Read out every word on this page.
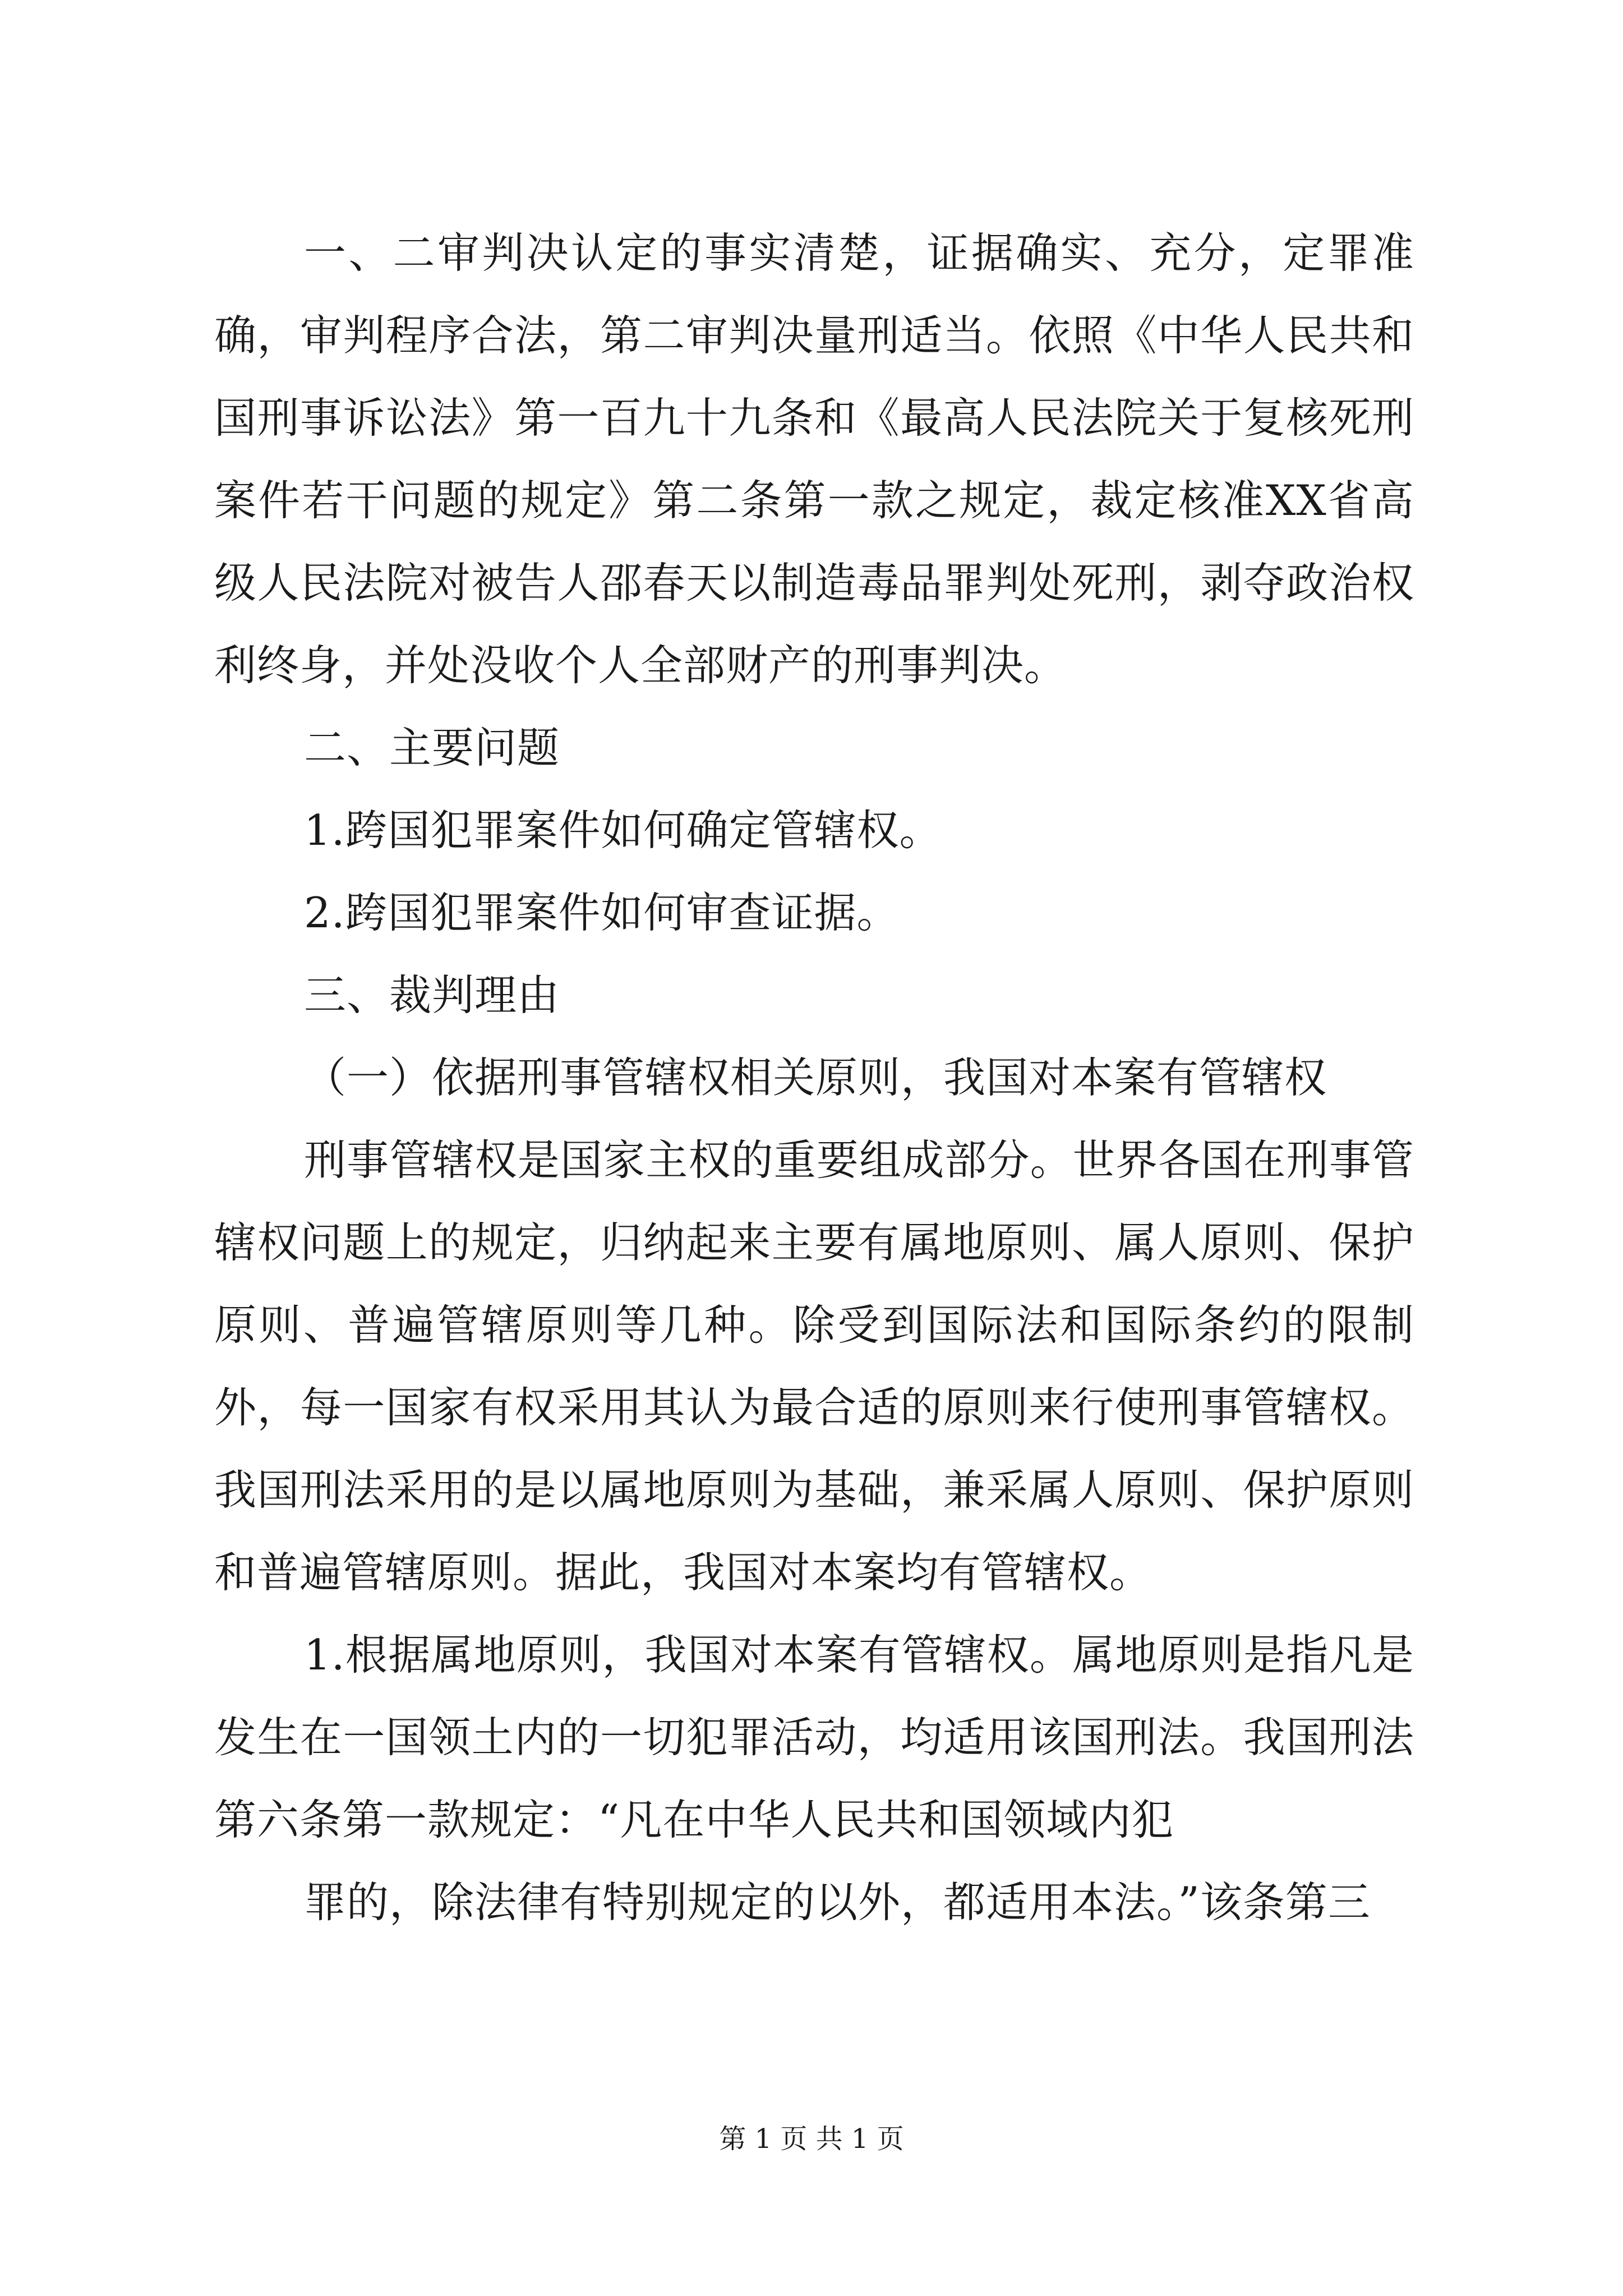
一、二审判决认定的事实清楚，证据确实、充分，定罪准确，审判程序合法，第二审判决量刑适当。依照《中华人民共和国刑事诉讼法》第一百九十九条和《最高人民法院关于复核死刑案件若干问题的规定》第二条第一款之规定，裁定核准XX省高级人民法院对被告人邵春天以制造毒品罪判处死刑，剥夺政治权利终身，并处没收个人全部财产的刑事判决。

二、主要问题

1.跨国犯罪案件如何确定管辖权。

2.跨国犯罪案件如何审查证据。

三、裁判理由

（一）依据刑事管辖权相关原则，我国对本案有管辖权

刑事管辖权是国家主权的重要组成部分。世界各国在刑事管辖权问题上的规定，归纳起来主要有属地原则、属人原则、保护原则、普遍管辖原则等几种。除受到国际法和国际条约的限制外，每一国家有权采用其认为最合适的原则来行使刑事管辖权。我国刑法采用的是以属地原则为基础，兼采属人原则、保护原则和普遍管辖原则。据此，我国对本案均有管辖权。

1.根据属地原则，我国对本案有管辖权。属地原则是指凡是发生在一国领土内的一切犯罪活动，均适用该国刑法。我国刑法第六条第一款规定：“凡在中华人民共和国领域内犯

罪的，除法律有特别规定的以外，都适用本法。”该条第三

第 1 页 共 1 页
